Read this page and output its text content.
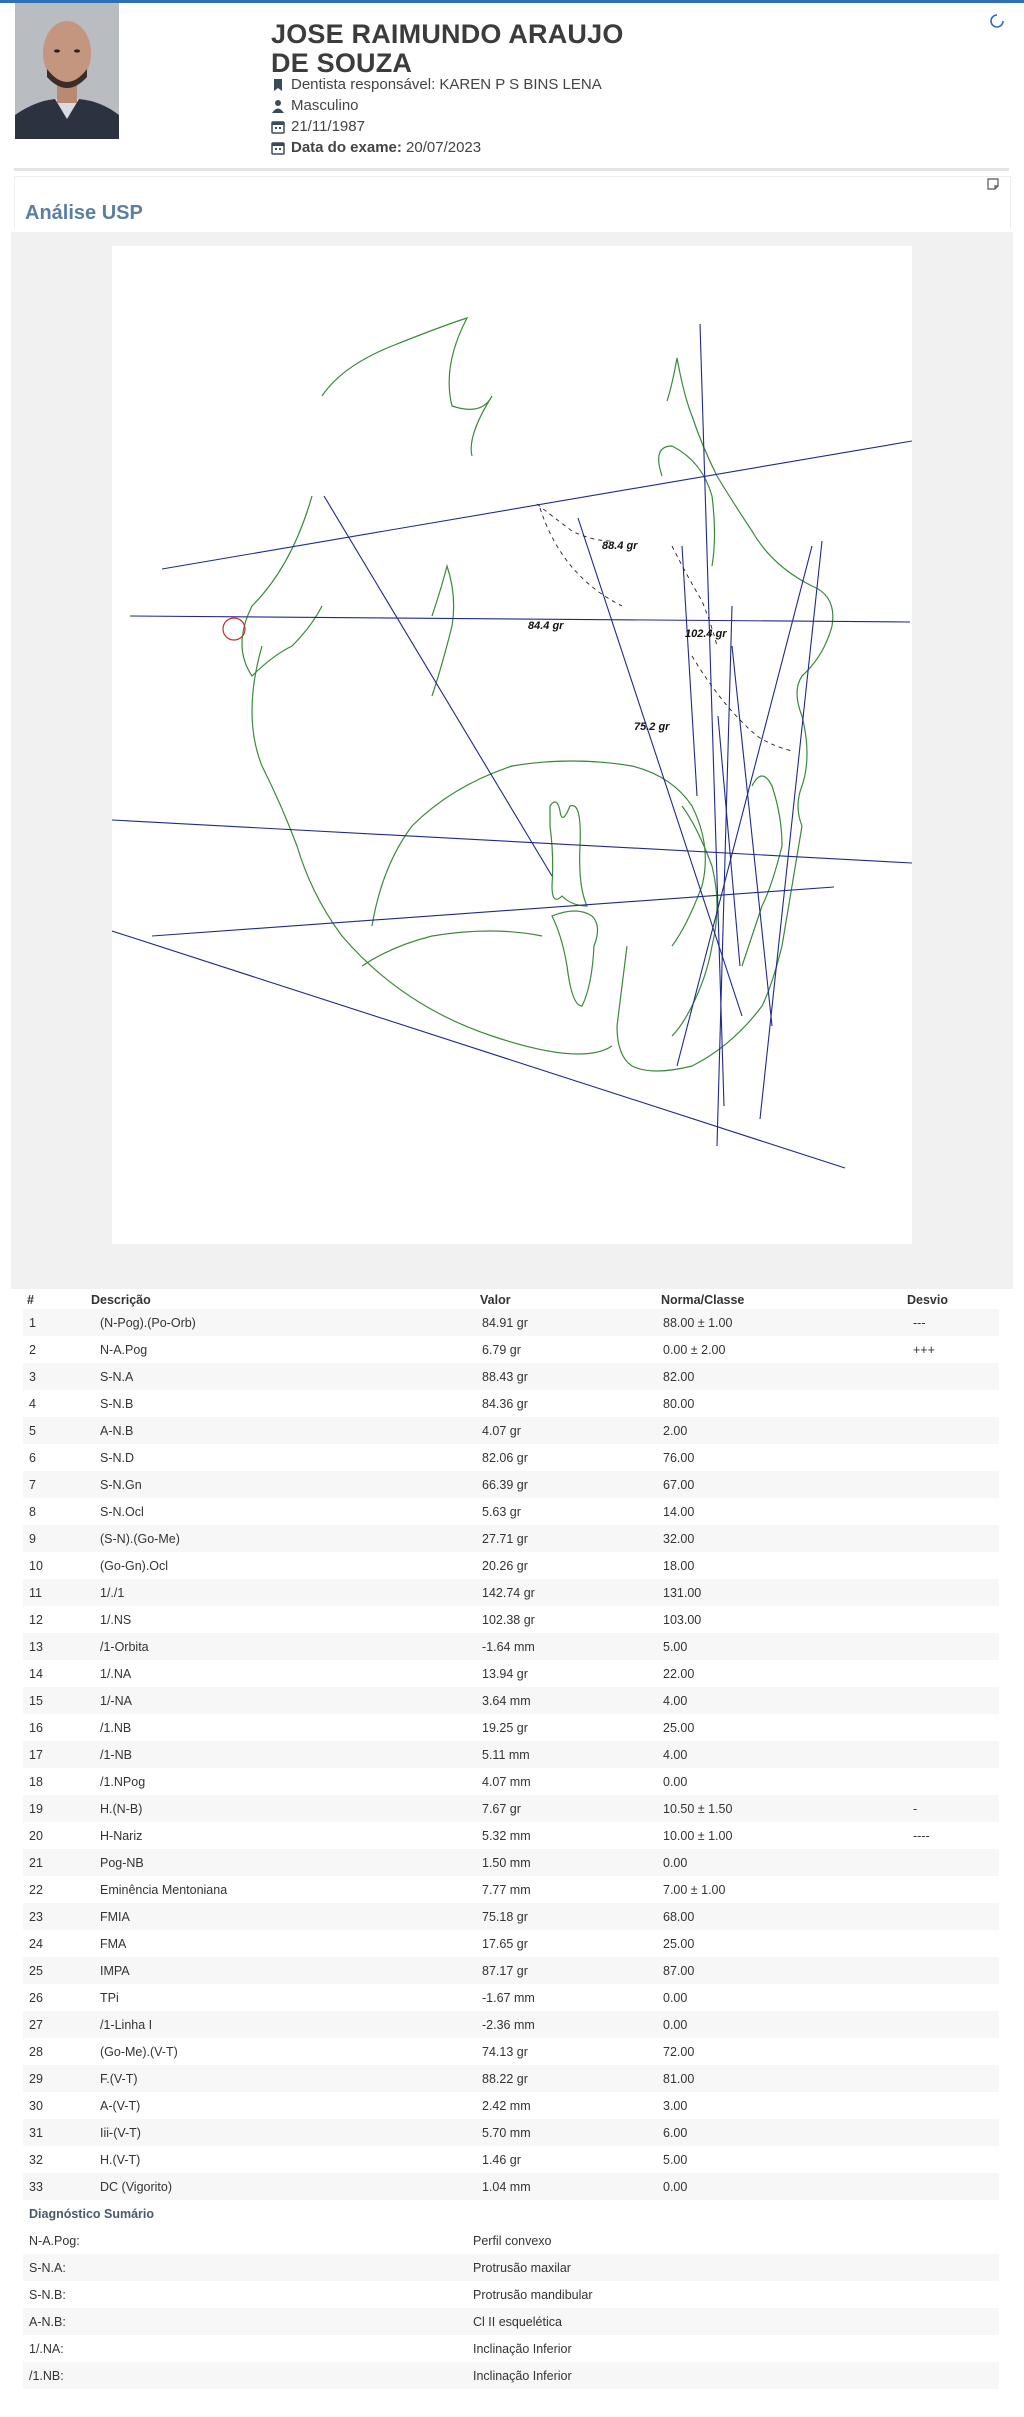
JOSE RAIMUNDO ARAUJO DE SOUZA
Dentista responsável: KAREN P S BINS LENA
Masculino
21/11/1987
Data do exame:
20/07/2023
Análise USP
88.4 gr
84.4 gr
102.4 gr
75.2 gr
#	Descrição	Valor	Norma/Classe	Desvio
1	(N-Pog).(Po-Orb)	84.91 gr	88.00 ± 1.00	---
2	N-A.Pog	6.79 gr	0.00 ± 2.00	+++
3	S-N.A	88.43 gr	82.00	
4	S-N.B	84.36 gr	80.00	
5	A-N.B	4.07 gr	2.00	
6	S-N.D	82.06 gr	76.00	
7	S-N.Gn	66.39 gr	67.00	
8	S-N.Ocl	5.63 gr	14.00	
9	(S-N).(Go-Me)	27.71 gr	32.00	
10	(Go-Gn).Ocl	20.26 gr	18.00	
11	1/./1	142.74 gr	131.00	
12	1/.NS	102.38 gr	103.00	
13	/1-Orbita	-1.64 mm	5.00	
14	1/.NA	13.94 gr	22.00	
15	1/-NA	3.64 mm	4.00	
16	/1.NB	19.25 gr	25.00	
17	/1-NB	5.11 mm	4.00	
18	/1.NPog	4.07 mm	0.00	
19	H.(N-B)	7.67 gr	10.50 ± 1.50	-
20	H-Nariz	5.32 mm	10.00 ± 1.00	----
21	Pog-NB	1.50 mm	0.00	
22	Eminência Mentoniana	7.77 mm	7.00 ± 1.00	
23	FMIA	75.18 gr	68.00	
24	FMA	17.65 gr	25.00	
25	IMPA	87.17 gr	87.00	
26	TPi	-1.67 mm	0.00	
27	/1-Linha I	-2.36 mm	0.00	
28	(Go-Me).(V-T)	74.13 gr	72.00	
29	F.(V-T)	88.22 gr	81.00	
30	A-(V-T)	2.42 mm	3.00	
31	Iii-(V-T)	5.70 mm	6.00	
32	H.(V-T)	1.46 gr	5.00	
33	DC (Vigorito)	1.04 mm	0.00	
Diagnóstico Sumário	
N-A.Pog:	Perfil convexo
S-N.A:	Protrusão maxilar
S-N.B:	Protrusão mandibular
A-N.B:	Cl II esquelética
1/.NA:	Inclinação Inferior
/1.NB:	Inclinação Inferior
